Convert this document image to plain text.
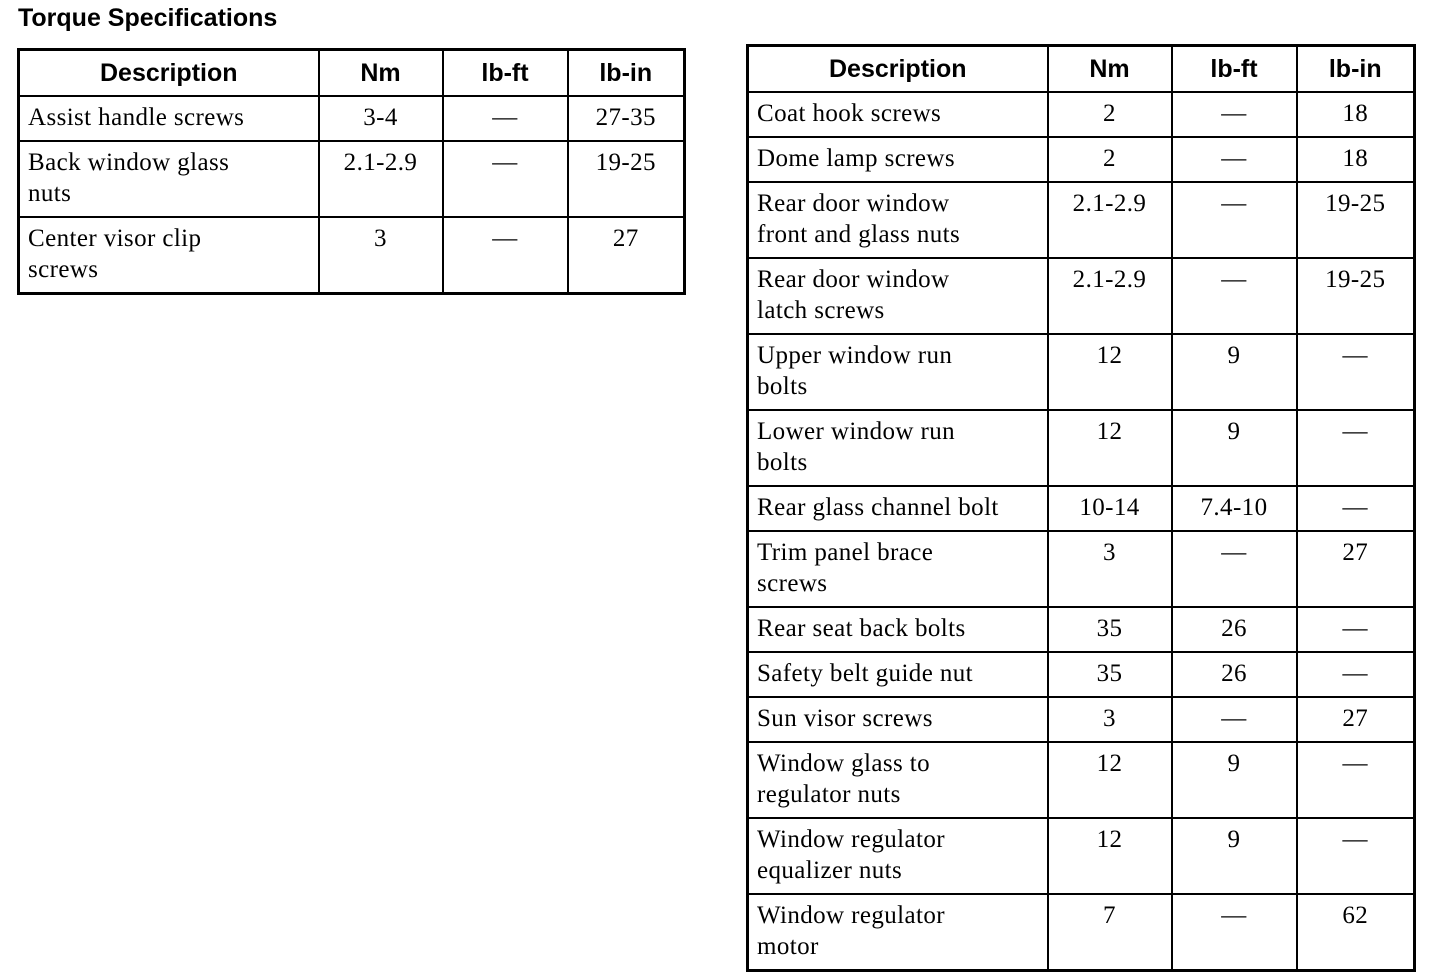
Torque Specifications
Description	Nm	lb-ft	lb-in
Assist handle screws	3-4	—	27-35
Back window glass
nuts	2.1-2.9	—	19-25
Center visor clip
screws	3	—	27
Description	Nm	lb-ft	lb-in
Coat hook screws	2	—	18
Dome lamp screws	2	—	18
Rear door window
front and glass nuts	2.1-2.9	—	19-25
Rear door window
latch screws	2.1-2.9	—	19-25
Upper window run
bolts	12	9	—
Lower window run
bolts	12	9	—
Rear glass channel bolt	10-14	7.4-10	—
Trim panel brace
screws	3	—	27
Rear seat back bolts	35	26	—
Safety belt guide nut	35	26	—
Sun visor screws	3	—	27
Window glass to
regulator nuts	12	9	—
Window regulator
equalizer nuts	12	9	—
Window regulator
motor	7	—	62
